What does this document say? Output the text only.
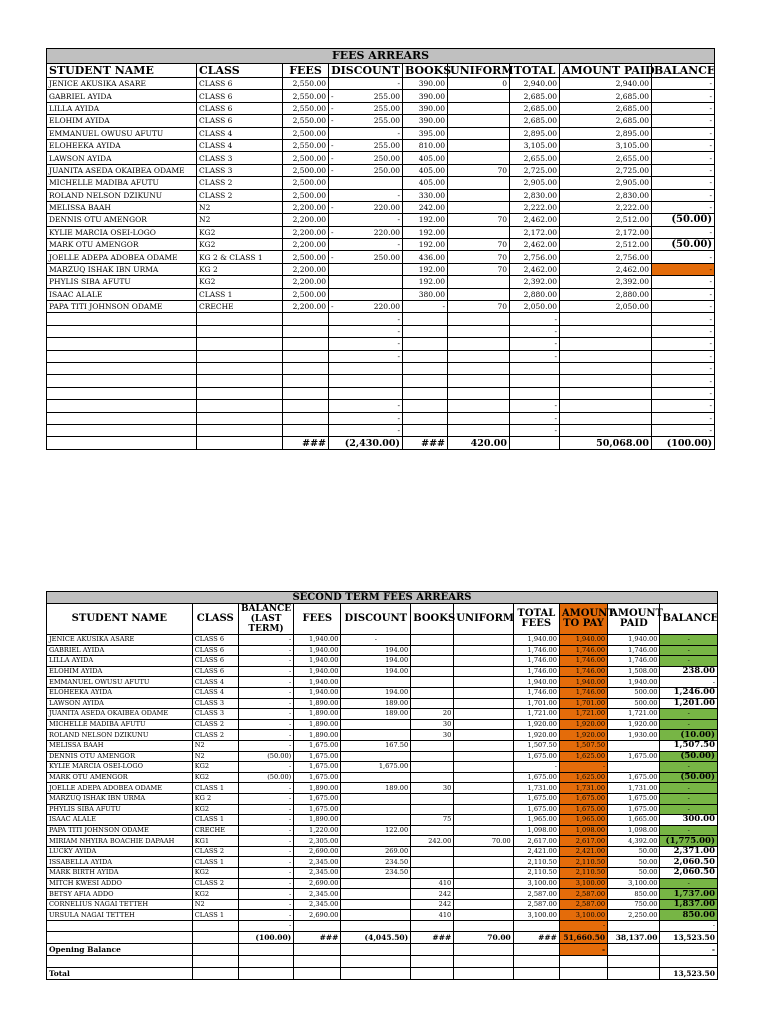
FEES ARREARS								
STUDENT NAME	CLASS	FEES	DISCOUNT	BOOKS	UNIFORM	TOTAL	AMOUNT PAID	BALANCE
JENICE AKUSIKA ASARE	CLASS 6	2,550.00	-	390.00	0	2,940.00	2,940.00	-
GABRIEL AYIDA	CLASS 6	2,550.00	- 255.00	390.00		2,685.00	2,685.00	-
LILLA AYIDA	CLASS 6	2,550.00	- 255.00	390.00		2,685.00	2,685.00	-
ELOHIM AYIDA	CLASS 6	2,550.00	- 255.00	390.00		2,685.00	2,685.00	-
EMMANUEL OWUSU AFUTU	CLASS 4	2,500.00	-	395.00		2,895.00	2,895.00	-
ELOHEEKA AYIDA	CLASS 4	2,550.00	- 255.00	810.00		3,105.00	3,105.00	-
LAWSON AYIDA	CLASS 3	2,500.00	- 250.00	405.00		2,655.00	2,655.00	-
JUANITA ASEDA OKAIBEA ODAME	CLASS 3	2,500.00	- 250.00	405.00	70	2,725.00	2,725.00	-
MICHELLE MADIBA AFUTU	CLASS 2	2,500.00		405.00		2,905.00	2,905.00	-
ROLAND NELSON DZIKUNU	CLASS 2	2,500.00	-	330.00		2,830.00	2,830.00	-
MELISSA BAAH	N2	2,200.00	- 220.00	242.00		2,222.00	2,222.00	-
DENNIS OTU AMENGOR	N2	2,200.00	-	192.00	70	2,462.00	2,512.00	(50.00)
KYLIE MARCIA OSEI-LOGO	KG2	2,200.00	- 220.00	192.00		2,172.00	2,172.00	-
MARK OTU AMENGOR	KG2	2,200.00	-	192.00	70	2,462.00	2,512.00	(50.00)
JOELLE ADEPA ADOBEA ODAME	KG 2 & CLASS 1	2,500.00	- 250.00	436.00	70	2,756.00	2,756.00	-
MARZUQ ISHAK IBN URMA	KG 2	2,200.00		192.00	70	2,462.00	2,462.00	-
PHYLIS SIBA AFUTU	KG2	2,200.00		192.00		2,392.00	2,392.00	-
ISAAC ALALE	CLASS 1	2,500.00		380.00		2,880.00	2,880.00	-
PAPA TITI JOHNSON ODAME	CRECHE	2,200.00	- 220.00	-	70	2,050.00	2,050.00	-

			-			-		-

			-			-		-

			-			-		-

			-			-		-

					-

					-

					-

			-			-		-

			-			-		-

			-			-		-
		###	(2,430.00)	###	420.00		50,068.00	(100.00)
SECOND TERM FEES ARREARS										
STUDENT NAME	CLASS	BALANCE (LAST TERM)	FEES	DISCOUNT	BOOKS	UNIFORM	TOTAL FEES	AMOUNT TO PAY	AMOUNT PAID	BALANCE
JENICE AKUSIKA ASARE	CLASS 6	-	1,940.00	-			1,940.00	1,940.00	1,940.00	-
GABRIEL AYIDA	CLASS 6	-	1,940.00	194.00			1,746.00	1,746.00	1,746.00	-
LILLA AYIDA	CLASS 6	-	1,940.00	194.00			1,746.00	1,746.00	1,746.00	-
ELOHIM AYIDA	CLASS 6	-	1,940.00	194.00			1,746.00	1,746.00	1,508.00	238.00
EMMANUEL OWUSU AFUTU	CLASS 4	-	1,940.00				1,940.00	1,940.00	1,940.00	-
ELOHEEKA AYIDA	CLASS 4	-	1,940.00	194.00			1,746.00	1,746.00	500.00	1,246.00
LAWSON AYIDA	CLASS 3	-	1,890.00	189.00			1,701.00	1,701.00	500.00	1,201.00
JUANITA ASEDA OKAIBEA ODAME	CLASS 3	-	1,890.00	189.00	20		1,721.00	1,721.00	1,721.00	-
MICHELLE MADIBA AFUTU	CLASS 2	-	1,890.00		30		1,920.00	1,920.00	1,920.00	-
ROLAND NELSON DZIKUNU	CLASS 2	-	1,890.00		30		1,920.00	1,920.00	1,930.00	(10.00)
MELISSA BAAH	N2	-	1,675.00	167.50			1,507.50	1,507.50		1,507.50
DENNIS OTU AMENGOR	N2	(50.00)	1,675.00				1,675.00	1,625.00	1,675.00	(50.00)
KYLIE MARCIA OSEI-LOGO	KG2	-	1,675.00	1,675.00			-	-		-
MARK OTU AMENGOR	KG2	(50.00)	1,675.00				1,675.00	1,625.00	1,675.00	(50.00)
JOELLE ADEPA ADOBEA ODAME	CLASS 1	-	1,890.00	189.00	30		1,731.00	1,731.00	1,731.00	-
MARZUQ ISHAK IBN URMA	KG 2	-	1,675.00				1,675.00	1,675.00	1,675.00	-
PHYLIS SIBA AFUTU	KG2	-	1,675.00				1,675.00	1,675.00	1,675.00	-
ISAAC ALALE	CLASS 1	-	1,890.00		75		1,965.00	1,965.00	1,665.00	300.00
PAPA TITI JOHNSON ODAME	CRECHE	-	1,220.00	122.00			1,098.00	1,098.00	1,098.00	-
MIRIAM NHYIRA BOACHIE DAPAAH	KG1	-	2,305.00		242.00	70.00	2,617.00	2,617.00	4,392.00	(1,775.00)
LUCKY AYIDA	CLASS 2	-	2,690.00	269.00			2,421.00	2,421.00	50.00	2,371.00
ISSABELLA AYIDA	CLASS 1	-	2,345.00	234.50			2,110.50	2,110.50	50.00	2,060.50
MARK BIRTH AYIDA	KG2	-	2,345.00	234.50			2,110.50	2,110.50	50.00	2,060.50
MITCH KWESI ADDO	CLASS 2	-	2,690.00		410		3,100.00	3,100.00	3,100.00	-
BETSY AFIA ADDO	KG2	-	2,345.00		242		2,587.00	2,587.00	850.00	1,737.00
CORNELIUS NAGAI TETTEH	N2	-	2,345.00		242		2,587.00	2,587.00	750.00	1,837.00
URSULA NAGAI TETTEH	CLASS 1	-	2,690.00		410		3,100.00	3,100.00	2,250.00	850.00
		-						-		-
		(100.00)	###	(4,045.50)	###	70.00	###	51,660.50	38,137.00	13,523.50
Opening Balance								-		-

Total										13,523.50
